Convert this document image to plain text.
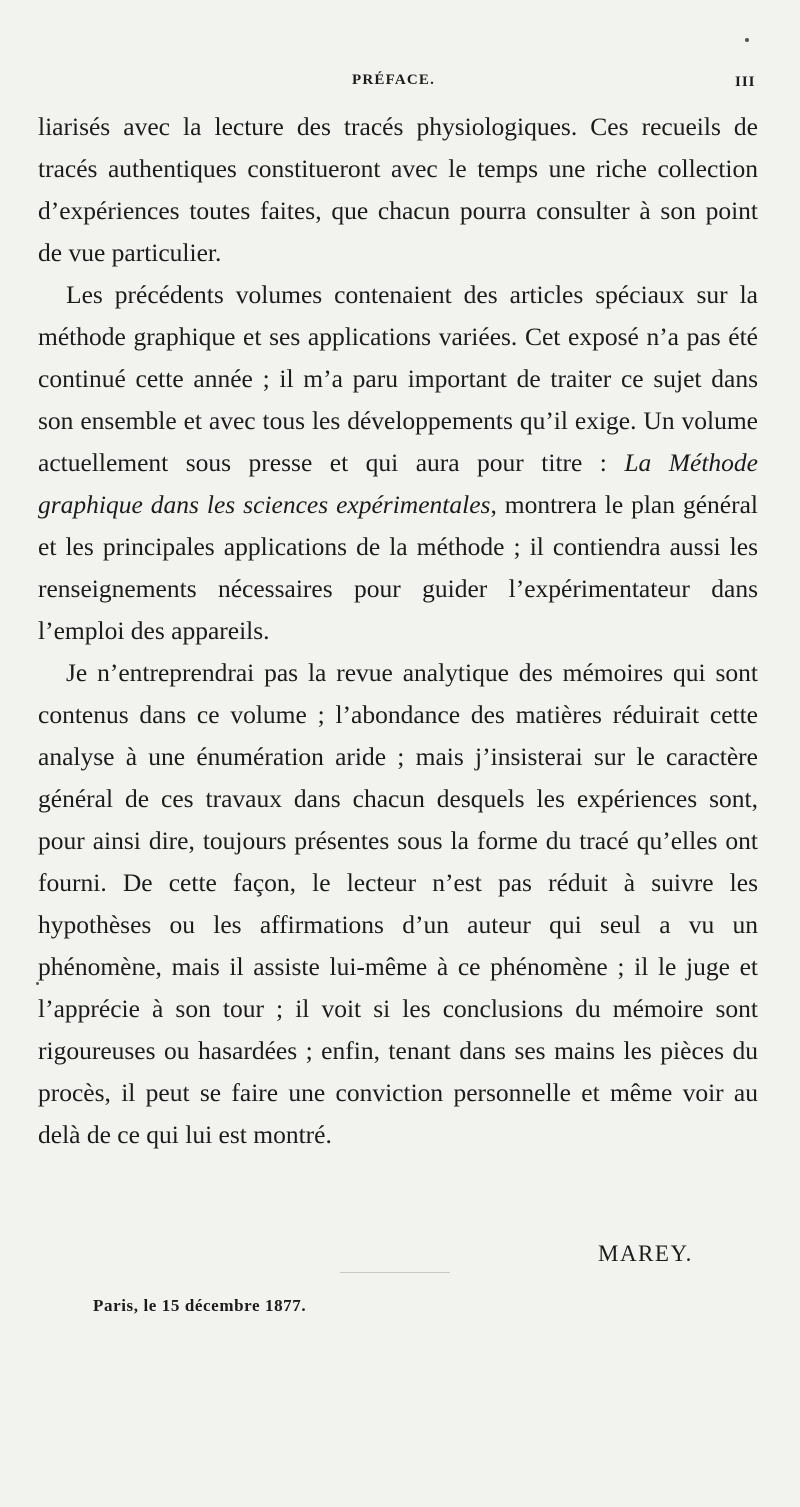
PRÉFACE.	III

liarisés avec la lecture des tracés physiologiques. Ces recueils de tracés authentiques constitueront avec le temps une riche collection d’expériences toutes faites, que chacun pourra consulter à son point de vue particulier.

Les précédents volumes contenaient des articles spéciaux sur la méthode graphique et ses applications variées. Cet exposé n’a pas été continué cette année ; il m’a paru important de traiter ce sujet dans son ensemble et avec tous les développements qu’il exige. Un volume actuellement sous presse et qui aura pour titre : La Méthode graphique dans les sciences expérimentales, montrera le plan général et les principales applications de la méthode ; il contiendra aussi les renseignements nécessaires pour guider l’expérimentateur dans l’emploi des appareils.

Je n’entreprendrai pas la revue analytique des mémoires qui sont contenus dans ce volume ; l’abondance des matières réduirait cette analyse à une énumération aride ; mais j’insisterai sur le caractère général de ces travaux dans chacun desquels les expériences sont, pour ainsi dire, toujours présentes sous la forme du tracé qu’elles ont fourni. De cette façon, le lecteur n’est pas réduit à suivre les hypothèses ou les affirmations d’un auteur qui seul a vu un phénomène, mais il assiste lui-même à ce phénomène ; il le juge et l’apprécie à son tour ; il voit si les conclusions du mémoire sont rigoureuses ou hasardées ; enfin, tenant dans ses mains les pièces du procès, il peut se faire une conviction personnelle et même voir au delà de ce qui lui est montré.

MAREY.
Paris, le 15 décembre 1877.
